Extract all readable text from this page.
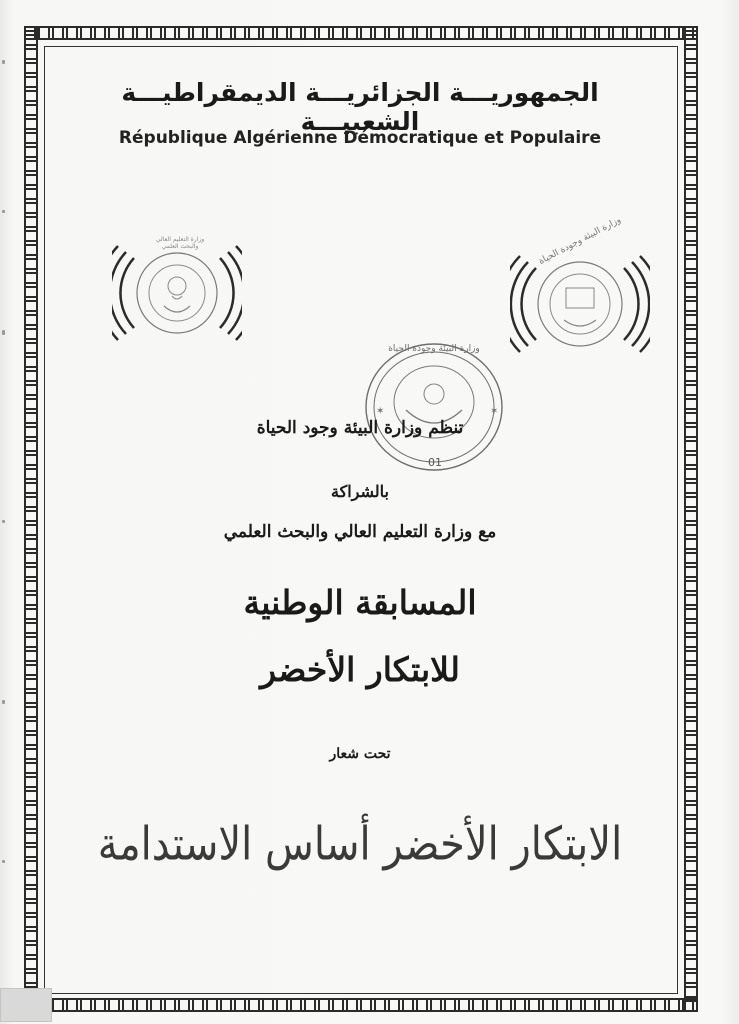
الجمهوريـــة الجزائريـــة الديمقراطيـــة الشعبيـــة
République Algérienne Démocratique et Populaire
وزارة التعليم العالي والبحث العلمي	وزارة البيئة وجودة الحياة
✶
✶
وزارة البيئة وجودة الحياة
01
تنظم وزارة البيئة وجود الحياة
بالشراكة
مع وزارة التعليم العالي والبحث العلمي
المسابقة الوطنية
للابتكار الأخضر
تحت شعار
الابتكار الأخضر أساس الاستدامة
